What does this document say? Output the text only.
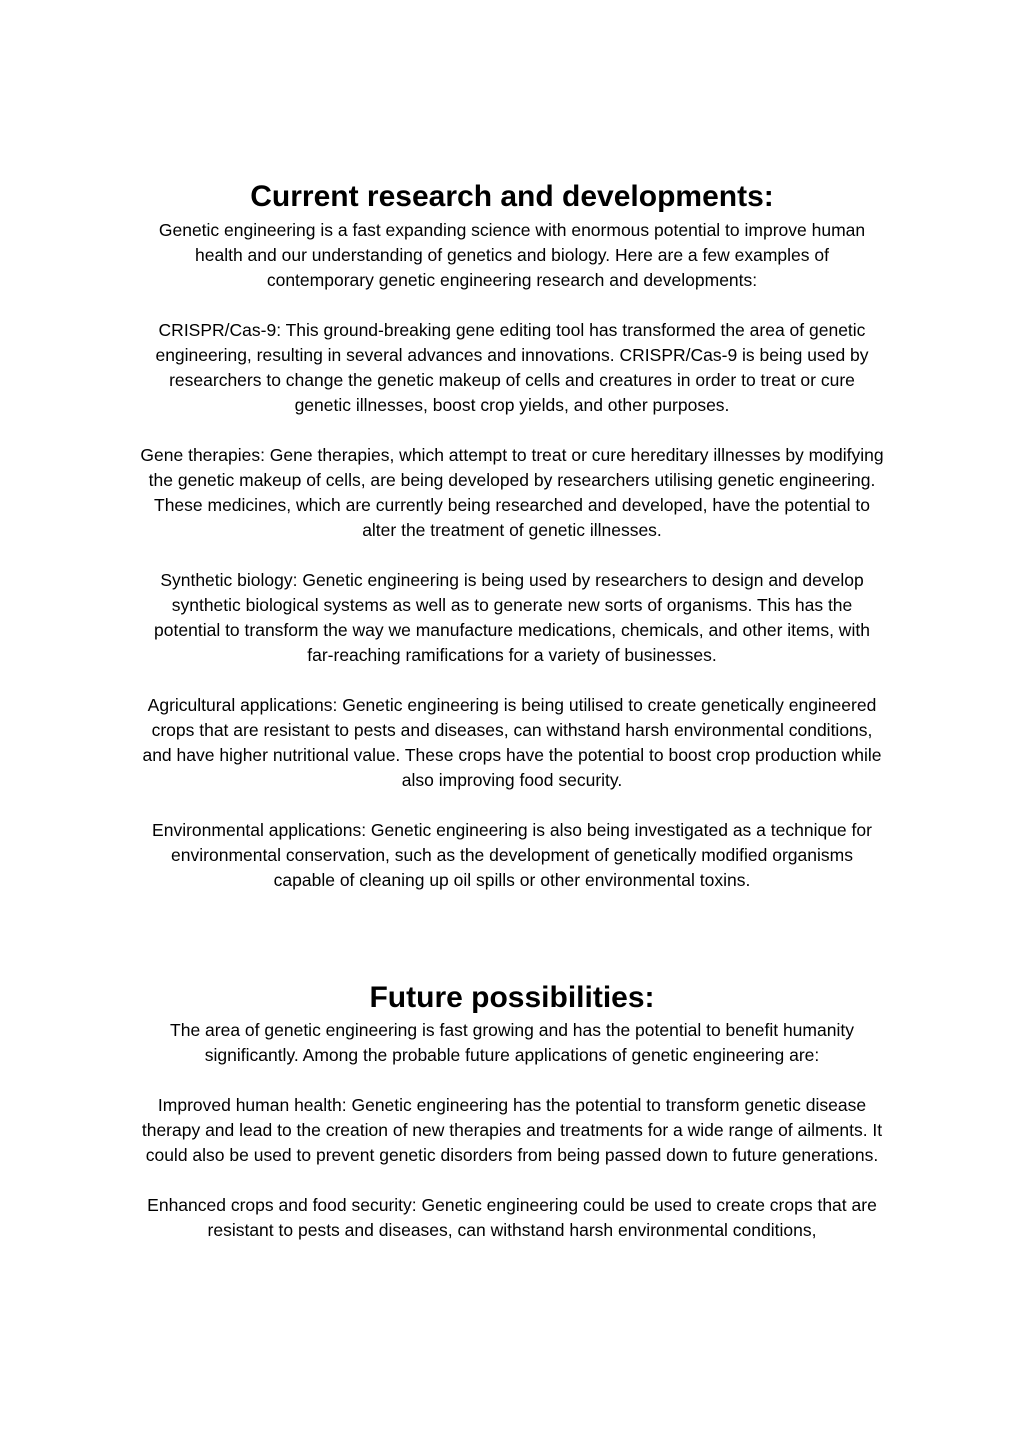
Current research and developments:

Genetic engineering is a fast expanding science with enormous potential to improve human health and our understanding of genetics and biology. Here are a few examples of contemporary genetic engineering research and developments:

CRISPR/Cas-9: This ground-breaking gene editing tool has transformed the area of genetic engineering, resulting in several advances and innovations. CRISPR/Cas-9 is being used by researchers to change the genetic makeup of cells and creatures in order to treat or cure genetic illnesses, boost crop yields, and other purposes.

Gene therapies: Gene therapies, which attempt to treat or cure hereditary illnesses by modifying the genetic makeup of cells, are being developed by researchers utilising genetic engineering. These medicines, which are currently being researched and developed, have the potential to alter the treatment of genetic illnesses.

Synthetic biology: Genetic engineering is being used by researchers to design and develop synthetic biological systems as well as to generate new sorts of organisms. This has the potential to transform the way we manufacture medications, chemicals, and other items, with far-reaching ramifications for a variety of businesses.

Agricultural applications: Genetic engineering is being utilised to create genetically engineered crops that are resistant to pests and diseases, can withstand harsh environmental conditions, and have higher nutritional value. These crops have the potential to boost crop production while also improving food security.

Environmental applications: Genetic engineering is also being investigated as a technique for environmental conservation, such as the development of genetically modified organisms capable of cleaning up oil spills or other environmental toxins.

Future possibilities:

The area of genetic engineering is fast growing and has the potential to benefit humanity significantly. Among the probable future applications of genetic engineering are:

Improved human health: Genetic engineering has the potential to transform genetic disease therapy and lead to the creation of new therapies and treatments for a wide range of ailments. It could also be used to prevent genetic disorders from being passed down to future generations.

Enhanced crops and food security: Genetic engineering could be used to create crops that are resistant to pests and diseases, can withstand harsh environmental conditions,
